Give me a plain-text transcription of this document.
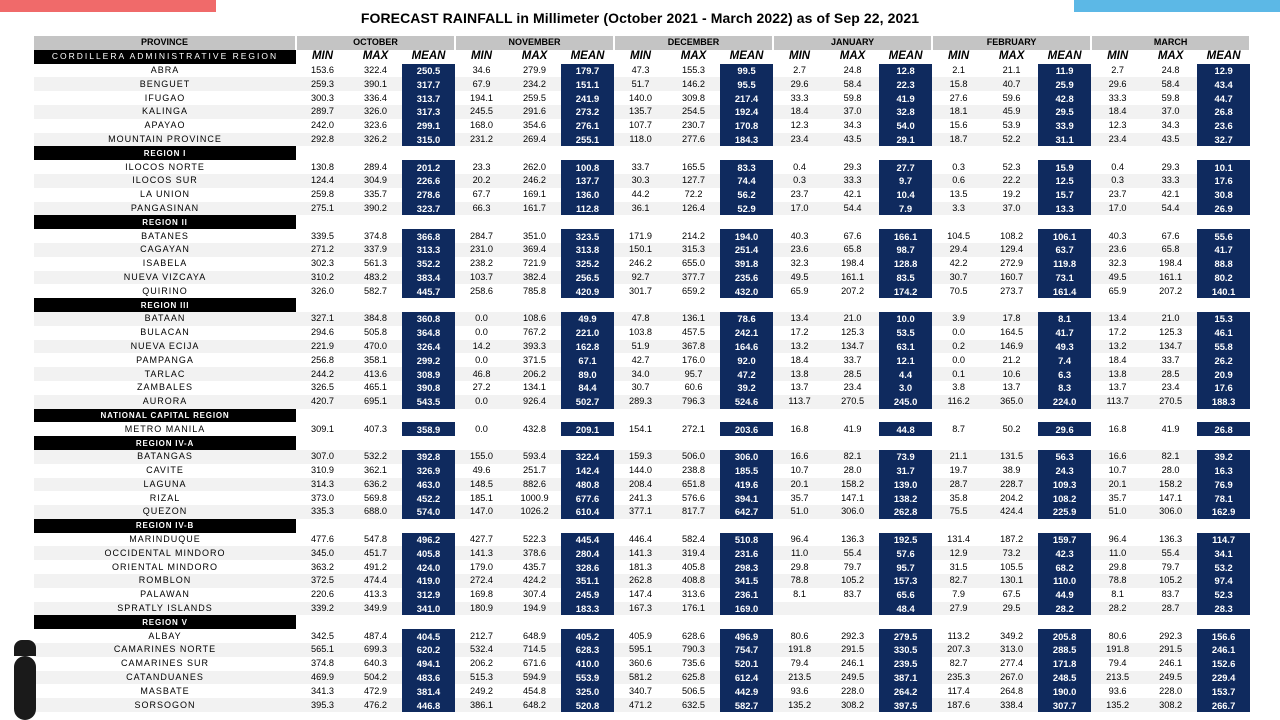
FORECAST RAINFALL in Millimeter (October 2021 - March 2022) as of Sep 22, 2021
PROVINCE	OCTOBER			NOVEMBER			DECEMBER			JANUARY			FEBRUARY			MARCH		
CORDILLERA ADMINISTRATIVE REGION	MIN	MAX	MEAN	MIN	MAX	MEAN	MIN	MAX	MEAN	MIN	MAX	MEAN	MIN	MAX	MEAN	MIN	MAX	MEAN
ABRA	153.6	322.4	250.5	34.6	279.9	179.7	47.3	155.3	99.5	2.7	24.8	12.8	2.1	21.1	11.9	2.7	24.8	12.9
BENGUET	259.3	390.1	317.7	67.9	234.2	151.1	51.7	146.2	95.5	29.6	58.4	22.3	15.8	40.7	25.9	29.6	58.4	43.4
IFUGAO	300.3	336.4	313.7	194.1	259.5	241.9	140.0	309.8	217.4	33.3	59.8	41.9	27.6	59.6	42.8	33.3	59.8	44.7
KALINGA	289.7	326.0	317.3	245.5	291.6	273.2	135.7	254.5	192.4	18.4	37.0	32.8	18.1	45.9	29.5	18.4	37.0	26.8
APAYAO	242.0	323.6	299.1	168.0	354.6	276.1	107.7	230.7	170.8	12.3	34.3	54.0	15.6	53.9	33.9	12.3	34.3	23.6
MOUNTAIN PROVINCE	292.8	326.2	315.0	231.2	269.4	255.1	118.0	277.6	184.3	23.4	43.5	29.1	18.7	52.2	31.1	23.4	43.5	32.7
REGION I																		
ILOCOS NORTE	130.8	289.4	201.2	23.3	262.0	100.8	33.7	165.5	83.3	0.4	29.3	27.7	0.3	52.3	15.9	0.4	29.3	10.1
ILOCOS SUR	124.4	304.9	226.6	20.2	246.2	137.7	30.3	127.7	74.4	0.3	33.3	9.7	0.6	22.2	12.5	0.3	33.3	17.6
LA UNION	259.8	335.7	278.6	67.7	169.1	136.0	44.2	72.2	56.2	23.7	42.1	10.4	13.5	19.2	15.7	23.7	42.1	30.8
PANGASINAN	275.1	390.2	323.7	66.3	161.7	112.8	36.1	126.4	52.9	17.0	54.4	7.9	3.3	37.0	13.3	17.0	54.4	26.9
REGION II																		
BATANES	339.5	374.8	366.8	284.7	351.0	323.5	171.9	214.2	194.0	40.3	67.6	166.1	104.5	108.2	106.1	40.3	67.6	55.6
CAGAYAN	271.2	337.9	313.3	231.0	369.4	313.8	150.1	315.3	251.4	23.6	65.8	98.7	29.4	129.4	63.7	23.6	65.8	41.7
ISABELA	302.3	561.3	352.2	238.2	721.9	325.2	246.2	655.0	391.8	32.3	198.4	128.8	42.2	272.9	119.8	32.3	198.4	88.8
NUEVA VIZCAYA	310.2	483.2	383.4	103.7	382.4	256.5	92.7	377.7	235.6	49.5	161.1	83.5	30.7	160.7	73.1	49.5	161.1	80.2
QUIRINO	326.0	582.7	445.7	258.6	785.8	420.9	301.7	659.2	432.0	65.9	207.2	174.2	70.5	273.7	161.4	65.9	207.2	140.1
REGION III																		
BATAAN	327.1	384.8	360.8	0.0	108.6	49.9	47.8	136.1	78.6	13.4	21.0	10.0	3.9	17.8	8.1	13.4	21.0	15.3
BULACAN	294.6	505.8	364.8	0.0	767.2	221.0	103.8	457.5	242.1	17.2	125.3	53.5	0.0	164.5	41.7	17.2	125.3	46.1
NUEVA ECIJA	221.9	470.0	326.4	14.2	393.3	162.8	51.9	367.8	164.6	13.2	134.7	63.1	0.2	146.9	49.3	13.2	134.7	55.8
PAMPANGA	256.8	358.1	299.2	0.0	371.5	67.1	42.7	176.0	92.0	18.4	33.7	12.1	0.0	21.2	7.4	18.4	33.7	26.2
TARLAC	244.2	413.6	308.9	46.8	206.2	89.0	34.0	95.7	47.2	13.8	28.5	4.4	0.1	10.6	6.3	13.8	28.5	20.9
ZAMBALES	326.5	465.1	390.8	27.2	134.1	84.4	30.7	60.6	39.2	13.7	23.4	3.0	3.8	13.7	8.3	13.7	23.4	17.6
AURORA	420.7	695.1	543.5	0.0	926.4	502.7	289.3	796.3	524.6	113.7	270.5	245.0	116.2	365.0	224.0	113.7	270.5	188.3
NATIONAL CAPITAL REGION																		
METRO MANILA	309.1	407.3	358.9	0.0	432.8	209.1	154.1	272.1	203.6	16.8	41.9	44.8	8.7	50.2	29.6	16.8	41.9	26.8
REGION IV-A																		
BATANGAS	307.0	532.2	392.8	155.0	593.4	322.4	159.3	506.0	306.0	16.6	82.1	73.9	21.1	131.5	56.3	16.6	82.1	39.2
CAVITE	310.9	362.1	326.9	49.6	251.7	142.4	144.0	238.8	185.5	10.7	28.0	31.7	19.7	38.9	24.3	10.7	28.0	16.3
LAGUNA	314.3	636.2	463.0	148.5	882.6	480.8	208.4	651.8	419.6	20.1	158.2	139.0	28.7	228.7	109.3	20.1	158.2	76.9
RIZAL	373.0	569.8	452.2	185.1	1000.9	677.6	241.3	576.6	394.1	35.7	147.1	138.2	35.8	204.2	108.2	35.7	147.1	78.1
QUEZON	335.3	688.0	574.0	147.0	1026.2	610.4	377.1	817.7	642.7	51.0	306.0	262.8	75.5	424.4	225.9	51.0	306.0	162.9
REGION IV-B																		
MARINDUQUE	477.6	547.8	496.2	427.7	522.3	445.4	446.4	582.4	510.8	96.4	136.3	192.5	131.4	187.2	159.7	96.4	136.3	114.7
OCCIDENTAL MINDORO	345.0	451.7	405.8	141.3	378.6	280.4	141.3	319.4	231.6	11.0	55.4	57.6	12.9	73.2	42.3	11.0	55.4	34.1
ORIENTAL MINDORO	363.2	491.2	424.0	179.0	435.7	328.6	181.3	405.8	298.3	29.8	79.7	95.7	31.5	105.5	68.2	29.8	79.7	53.2
ROMBLON	372.5	474.4	419.0	272.4	424.2	351.1	262.8	408.8	341.5	78.8	105.2	157.3	82.7	130.1	110.0	78.8	105.2	97.4
PALAWAN	220.6	413.3	312.9	169.8	307.4	245.9	147.4	313.6	236.1	8.1	83.7	65.6	7.9	67.5	44.9	8.1	83.7	52.3
SPRATLY ISLANDS	339.2	349.9	341.0	180.9	194.9	183.3	167.3	176.1	169.0			48.4	27.9	29.5	28.2	28.2	28.7	28.3
REGION V																		
ALBAY	342.5	487.4	404.5	212.7	648.9	405.2	405.9	628.6	496.9	80.6	292.3	279.5	113.2	349.2	205.8	80.6	292.3	156.6
CAMARINES NORTE	565.1	699.3	620.2	532.4	714.5	628.3	595.1	790.3	754.7	191.8	291.5	330.5	207.3	313.0	288.5	191.8	291.5	246.1
CAMARINES SUR	374.8	640.3	494.1	206.2	671.6	410.0	360.6	735.6	520.1	79.4	246.1	239.5	82.7	277.4	171.8	79.4	246.1	152.6
CATANDUANES	469.9	504.2	483.6	515.3	594.9	553.9	581.2	625.8	612.4	213.5	249.5	387.1	235.3	267.0	248.5	213.5	249.5	229.4
MASBATE	341.3	472.9	381.4	249.2	454.8	325.0	340.7	506.5	442.9	93.6	228.0	264.2	117.4	264.8	190.0	93.6	228.0	153.7
SORSOGON	395.3	476.2	446.8	386.1	648.2	520.8	471.2	632.5	582.7	135.2	308.2	397.5	187.6	338.4	307.7	135.2	308.2	266.7
